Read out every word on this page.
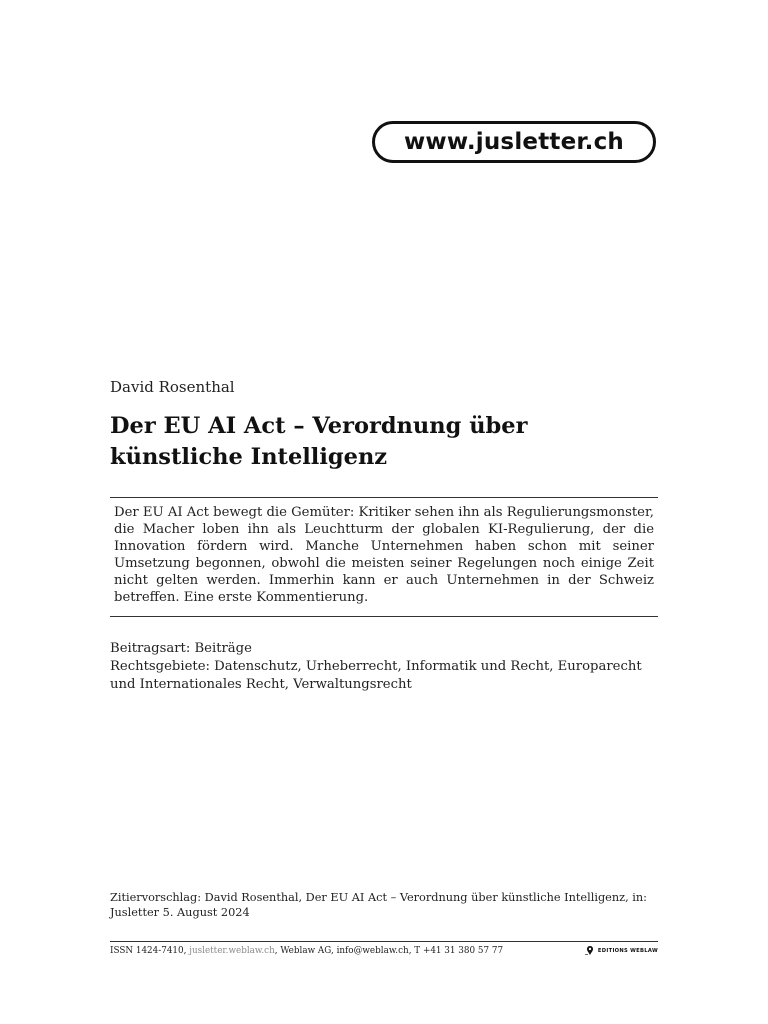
www.jusletter.ch
David Rosenthal
Der EU AI Act – Verordnung über künstliche Intelligenz

Der EU AI Act bewegt die Gemüter: Kritiker sehen ihn als Regulierungsmonster, die Macher loben ihn als Leuchtturm der globalen KI-Regulierung, der die Innovation fördern wird. Manche Unternehmen haben schon mit seiner Umsetzung begonnen, obwohl die meisten seiner Regelungen noch einige Zeit nicht gelten werden. Immerhin kann er auch Unternehmen in der Schweiz betreffen. Eine erste Kommentierung.

Beitragsart: Beiträge
Rechtsgebiete: Datenschutz, Urheberrecht, Informatik und Recht, Europarecht und Internationales Recht, Verwaltungsrecht
Zitiervorschlag: David Rosenthal, Der EU AI Act – Verordnung über künstliche Intelligenz, in: Jusletter 5. August 2024
ISSN 1424-7410, jusletter.weblaw.ch, Weblaw AG, info@weblaw.ch, T +41 31 380 57 77	EDITIONS WEBLAW
